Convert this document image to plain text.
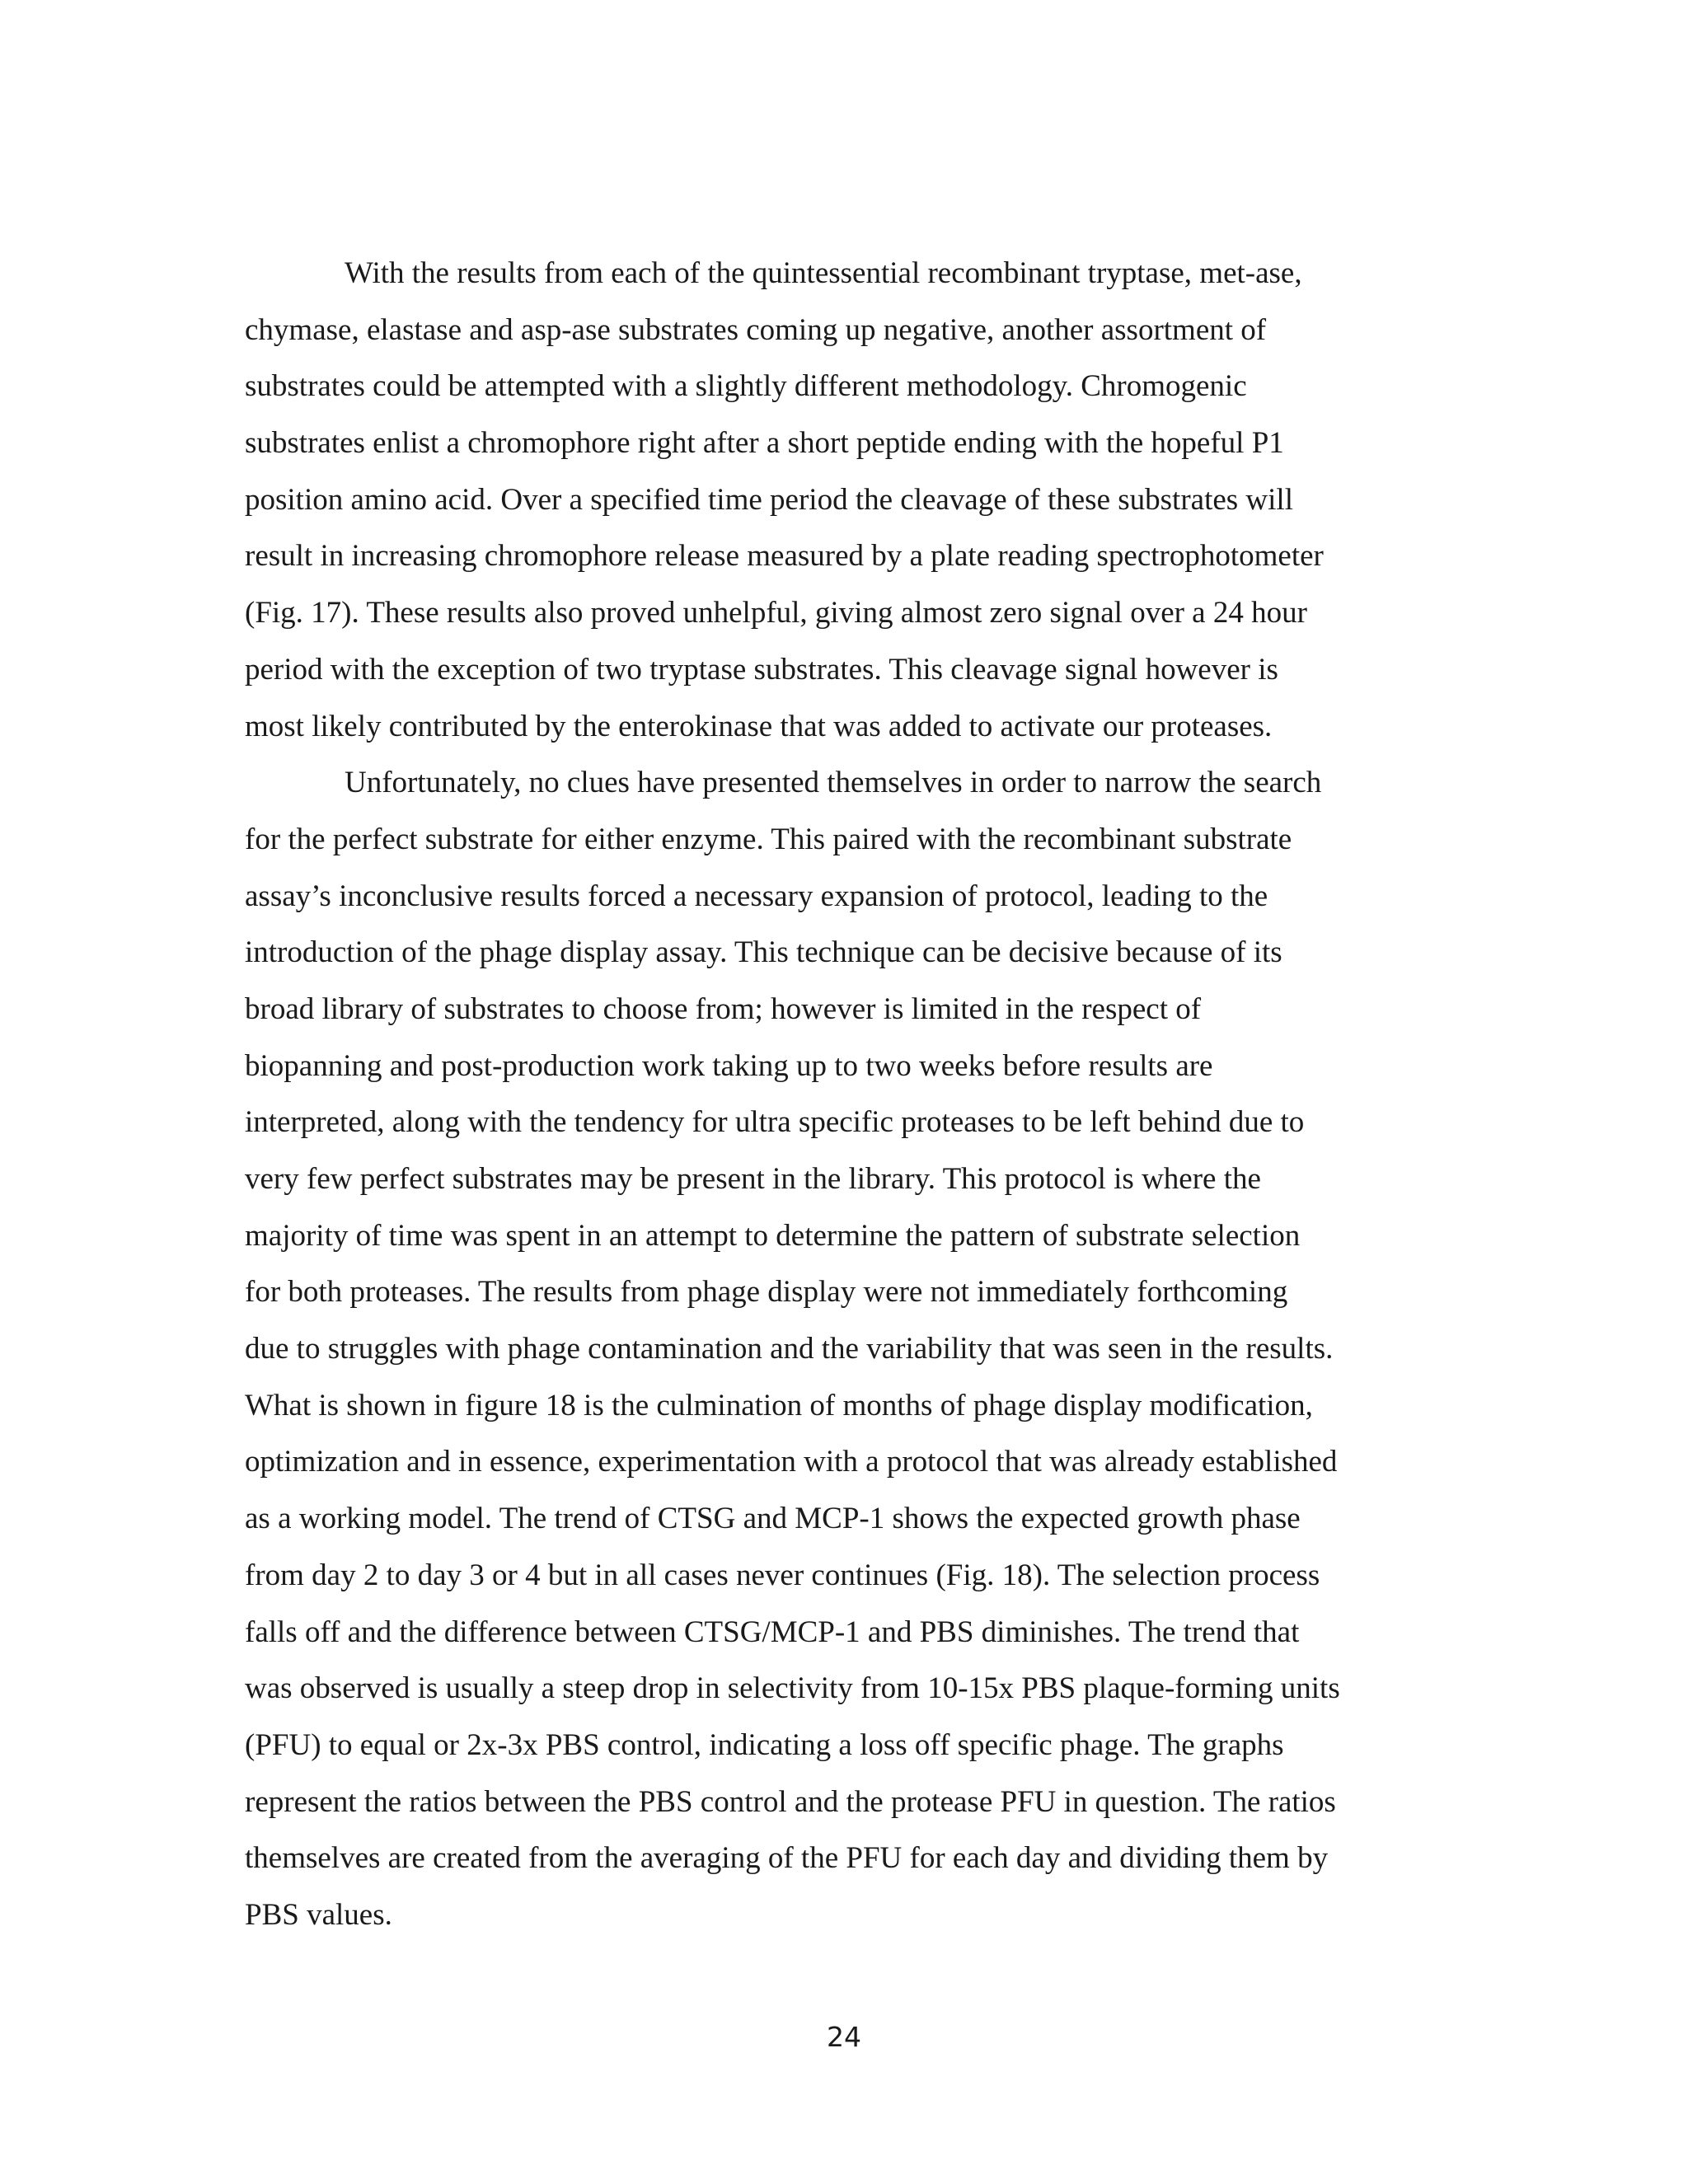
With the results from each of the quintessential recombinant tryptase, met-ase,
chymase, elastase and asp-ase substrates coming up negative, another assortment of
substrates could be attempted with a slightly different methodology. Chromogenic
substrates enlist a chromophore right after a short peptide ending with the hopeful P1
position amino acid. Over a specified time period the cleavage of these substrates will
result in increasing chromophore release measured by a plate reading spectrophotometer
(Fig. 17). These results also proved unhelpful, giving almost zero signal over a 24 hour
period with the exception of two tryptase substrates. This cleavage signal however is
most likely contributed by the enterokinase that was added to activate our proteases.
Unfortunately, no clues have presented themselves in order to narrow the search
for the perfect substrate for either enzyme. This paired with the recombinant substrate
assay’s inconclusive results forced a necessary expansion of protocol, leading to the
introduction of the phage display assay. This technique can be decisive because of its
broad library of substrates to choose from; however is limited in the respect of
biopanning and post-production work taking up to two weeks before results are
interpreted, along with the tendency for ultra specific proteases to be left behind due to
very few perfect substrates may be present in the library. This protocol is where the
majority of time was spent in an attempt to determine the pattern of substrate selection
for both proteases. The results from phage display were not immediately forthcoming
due to struggles with phage contamination and the variability that was seen in the results.
What is shown in figure 18 is the culmination of months of phage display modification,
optimization and in essence, experimentation with a protocol that was already established
as a working model. The trend of CTSG and MCP-1 shows the expected growth phase
from day 2 to day 3 or 4 but in all cases never continues (Fig. 18). The selection process
falls off and the difference between CTSG/MCP-1 and PBS diminishes. The trend that
was observed is usually a steep drop in selectivity from 10-15x PBS plaque-forming units
(PFU) to equal or 2x-3x PBS control, indicating a loss off specific phage. The graphs
represent the ratios between the PBS control and the protease PFU in question. The ratios
themselves are created from the averaging of the PFU for each day and dividing them by
PBS values.
24
